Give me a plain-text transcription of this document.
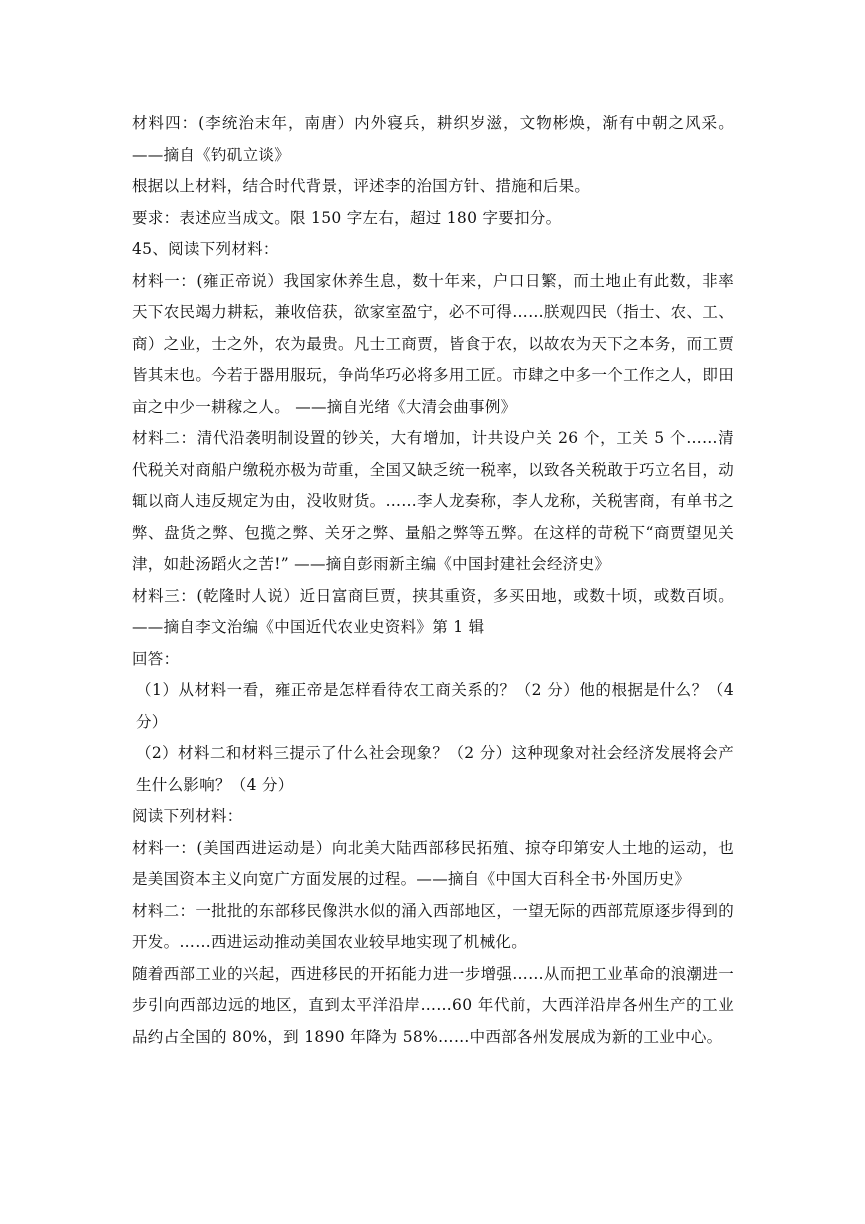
材料四：(李统治末年，南唐）内外寝兵，耕织岁滋，文物彬焕，渐有中朝之风采。——摘自《钓矶立谈》

根据以上材料，结合时代背景，评述李的治国方针、措施和后果。

要求：表述应当成文。限 150 字左右，超过 180 字要扣分。

45、阅读下列材料：

材料一：(雍正帝说）我国家休养生息，数十年来，户口日繁，而土地止有此数，非率天下农民竭力耕耘，兼收倍获，欲家室盈宁，必不可得……朕观四民（指士、农、工、商）之业，士之外，农为最贵。凡士工商贾，皆食于农，以故农为天下之本务，而工贾皆其末也。今若于器用服玩，争尚华巧必将多用工匠。市肆之中多一个工作之人，即田亩之中少一耕稼之人。 ——摘自光绪《大清会曲事例》

材料二：清代沿袭明制设置的钞关，大有增加，计共设户关 26 个，工关 5 个……清代税关对商船户缴税亦极为苛重，全国又缺乏统一税率，以致各关税敢于巧立名目，动辄以商人违反规定为由，没收财货。……李人龙奏称，李人龙称，关税害商，有单书之弊、盘货之弊、包揽之弊、关牙之弊、量船之弊等五弊。在这样的苛税下“商贾望见关津，如赴汤蹈火之苦!” ——摘自彭雨新主编《中国封建社会经济史》

材料三：(乾隆时人说）近日富商巨贾，挟其重资，多买田地，或数十顷，或数百顷。——摘自李文治编《中国近代农业史资料》第 1 辑

回答：

（1）从材料一看，雍正帝是怎样看待农工商关系的？（2 分）他的根据是什么？（4 分）

（2）材料二和材料三提示了什么社会现象？（2 分）这种现象对社会经济发展将会产生什么影响？（4 分）

阅读下列材料：

材料一：(美国西进运动是）向北美大陆西部移民拓殖、掠夺印第安人土地的运动，也是美国资本主义向宽广方面发展的过程。——摘自《中国大百科全书·外国历史》

材料二：一批批的东部移民像洪水似的涌入西部地区，一望无际的西部荒原逐步得到的开发。……西进运动推动美国农业较早地实现了机械化。

随着西部工业的兴起，西进移民的开拓能力进一步增强……从而把工业革命的浪潮进一步引向西部边远的地区，直到太平洋沿岸……60 年代前，大西洋沿岸各州生产的工业品约占全国的 80%，到 1890 年降为 58%……中西部各州发展成为新的工业中心。
